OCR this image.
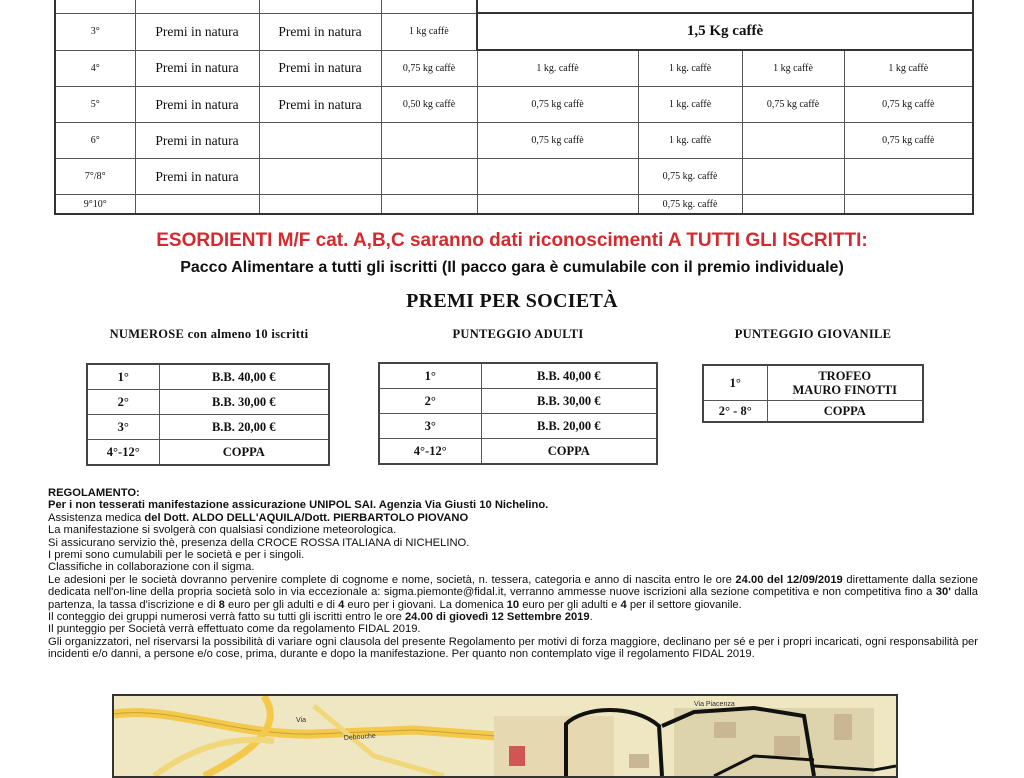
3°	Premi in natura	Premi in natura	1 kg caffè	1,5 Kg caffè			
4°	Premi in natura	Premi in natura	0,75 kg caffè	1 kg. caffè	1 kg. caffè	1 kg caffè	1 kg caffè
5°	Premi in natura	Premi in natura	0,50 kg caffè	0,75 kg caffè	1 kg. caffè	0,75 kg caffè	0,75 kg caffè
6°	Premi in natura			0,75 kg caffè	1 kg. caffè		0,75 kg caffè
7°/8°	Premi in natura				0,75 kg. caffè		
9°10°					0,75 kg. caffè		
ESORDIENTI M/F cat. A,B,C saranno dati riconoscimenti A TUTTI GLI ISCRITTI:
Pacco Alimentare a tutti gli iscritti (Il pacco gara è cumulabile con il premio individuale)
PREMI PER SOCIETÀ
NUMEROSE con almeno 10 iscritti
1°	B.B. 40,00 €
2°	B.B. 30,00 €
3°	B.B. 20,00 €
4°-12°	COPPA
PUNTEGGIO ADULTI
1°	B.B. 40,00 €
2°	B.B. 30,00 €
3°	B.B. 20,00 €
4°-12°	COPPA
PUNTEGGIO GIOVANILE
1°	TROFEO
MAURO FINOTTI

2° - 8°	COPPA

REGOLAMENTO:

Per i non tesserati manifestazione assicurazione UNIPOL SAI. Agenzia Via Giusti 10 Nichelino.

Assistenza medica del Dott. ALDO DELL'AQUILA/Dott. PIERBARTOLO PIOVANO

La manifestazione si svolgerà con qualsiasi condizione meteorologica.

Si assicurano servizio thè, presenza della CROCE ROSSA ITALIANA di NICHELINO.

I premi sono cumulabili per le società e per i singoli.

Classifiche in collaborazione con il sigma.

Le adesioni per le società dovranno pervenire complete di cognome e nome, società, n. tessera, categoria e anno di nascita entro le ore 24.00 del 12/09/2019 direttamente dalla sezione dedicata nell'on-line della propria società solo in via eccezionale a: sigma.piemonte@fidal.it, verranno ammesse nuove iscrizioni alla sezione competitiva e non competitiva fino a 30' dalla partenza, la tassa d'iscrizione e di 8 euro per gli adulti e di 4 euro per i giovani. La domenica 10 euro per gli adulti e 4 per il settore giovanile.

Il conteggio dei gruppi numerosi verrà fatto su tutti gli iscritti entro le ore 24.00 di giovedì 12 Settembre 2019.

Il punteggio per Società verrà effettuato come da regolamento FIDAL 2019.

Gli organizzatori, nel riservarsi la possibilità di variare ogni clausola del presente Regolamento per motivi di forza maggiore, declinano per sé e per i propri incaricati, ogni responsabilità per incidenti e/o danni, a persone e/o cose, prima, durante e dopo la manifestazione. Per quanto non contemplato vige il regolamento FIDAL 2019.

Via
Debouche
Via Piacenza
